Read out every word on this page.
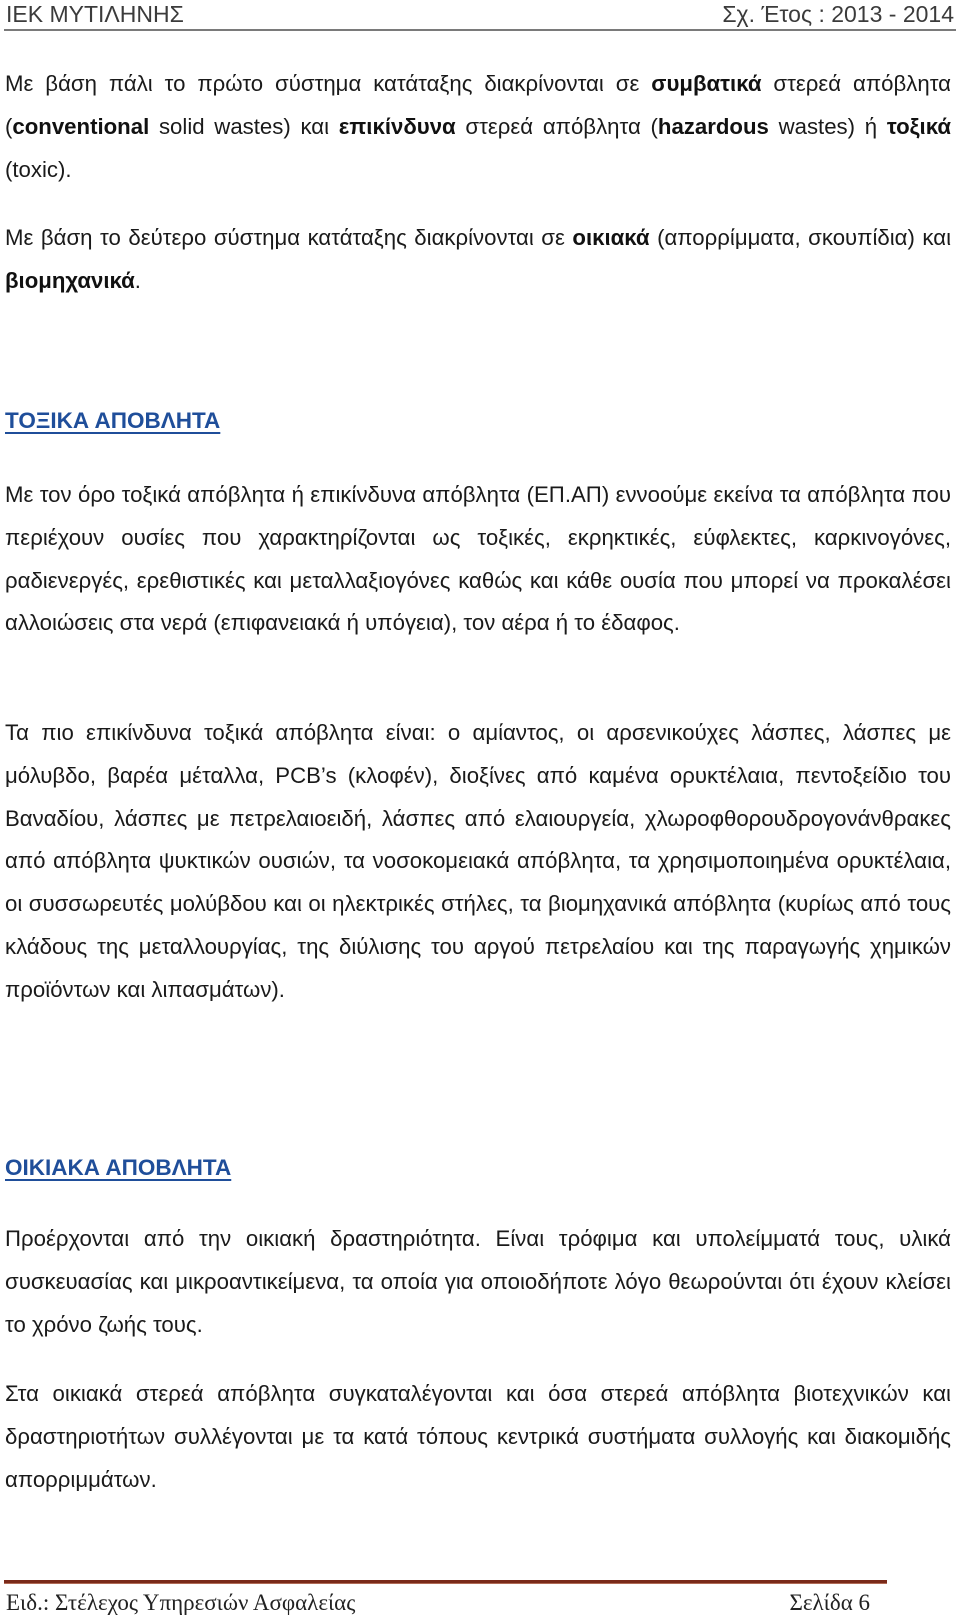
ΙΕΚ ΜΥΤΙΛΗΝΗΣ	Σχ. Έτος : 2013 - 2014

Με βάση πάλι το πρώτο σύστημα κατάταξης διακρίνονται σε συμβατικά στερεά απόβλητα (conventional solid wastes) και επικίνδυνα στερεά απόβλητα (hazardous wastes) ή τοξικά (toxic).

Με βάση το δεύτερο σύστημα κατάταξης διακρίνονται σε οικιακά (απορρίμματα, σκουπίδια) και βιομηχανικά.

ΤΟΞΙΚΑ ΑΠΟΒΛΗΤΑ

Με τον όρο τοξικά απόβλητα ή επικίνδυνα απόβλητα (ΕΠ.ΑΠ) εννοούμε εκείνα τα απόβλητα που περιέχουν ουσίες που χαρακτηρίζονται ως τοξικές, εκρηκτικές, εύφλεκτες, καρκινογόνες, ραδιενεργές, ερεθιστικές και μεταλλαξιογόνες καθώς και κάθε ουσία που μπορεί να προκαλέσει αλλοιώσεις στα νερά (επιφανειακά ή υπόγεια), τον αέρα ή το έδαφος.

Τα πιο επικίνδυνα τοξικά απόβλητα είναι: ο αμίαντος, οι αρσενικούχες λάσπες, λάσπες με μόλυβδο, βαρέα μέταλλα, PCB’s (κλοφέν), διοξίνες από καμένα ορυκτέλαια, πεντοξείδιο του Βαναδίου, λάσπες με πετρελαιοειδή, λάσπες από ελαιουργεία, χλωροφθορουδρογονάνθρακες από απόβλητα ψυκτικών ουσιών, τα νοσοκομειακά απόβλητα, τα χρησιμοποιημένα ορυκτέλαια, οι συσσωρευτές μολύβδου και οι ηλεκτρικές στήλες, τα βιομηχανικά απόβλητα (κυρίως από τους κλάδους της μεταλλουργίας, της διύλισης του αργού πετρελαίου και της παραγωγής χημικών προϊόντων και λιπασμάτων).

ΟΙΚΙΑΚΑ ΑΠΟΒΛΗΤΑ

Προέρχονται από την οικιακή δραστηριότητα. Είναι τρόφιμα και υπολείμματά τους, υλικά συσκευασίας και μικροαντικείμενα, τα οποία για οποιοδήποτε λόγο θεωρούνται ότι έχουν κλείσει το χρόνο ζωής τους.

Στα οικιακά στερεά απόβλητα συγκαταλέγονται και όσα στερεά απόβλητα βιοτεχνικών και δραστηριοτήτων συλλέγονται με τα κατά τόπους κεντρικά συστήματα συλλογής και διακομιδής απορριμμάτων.

Ειδ.: Στέλεχος Υπηρεσιών Ασφαλείας	Σελίδα 6
